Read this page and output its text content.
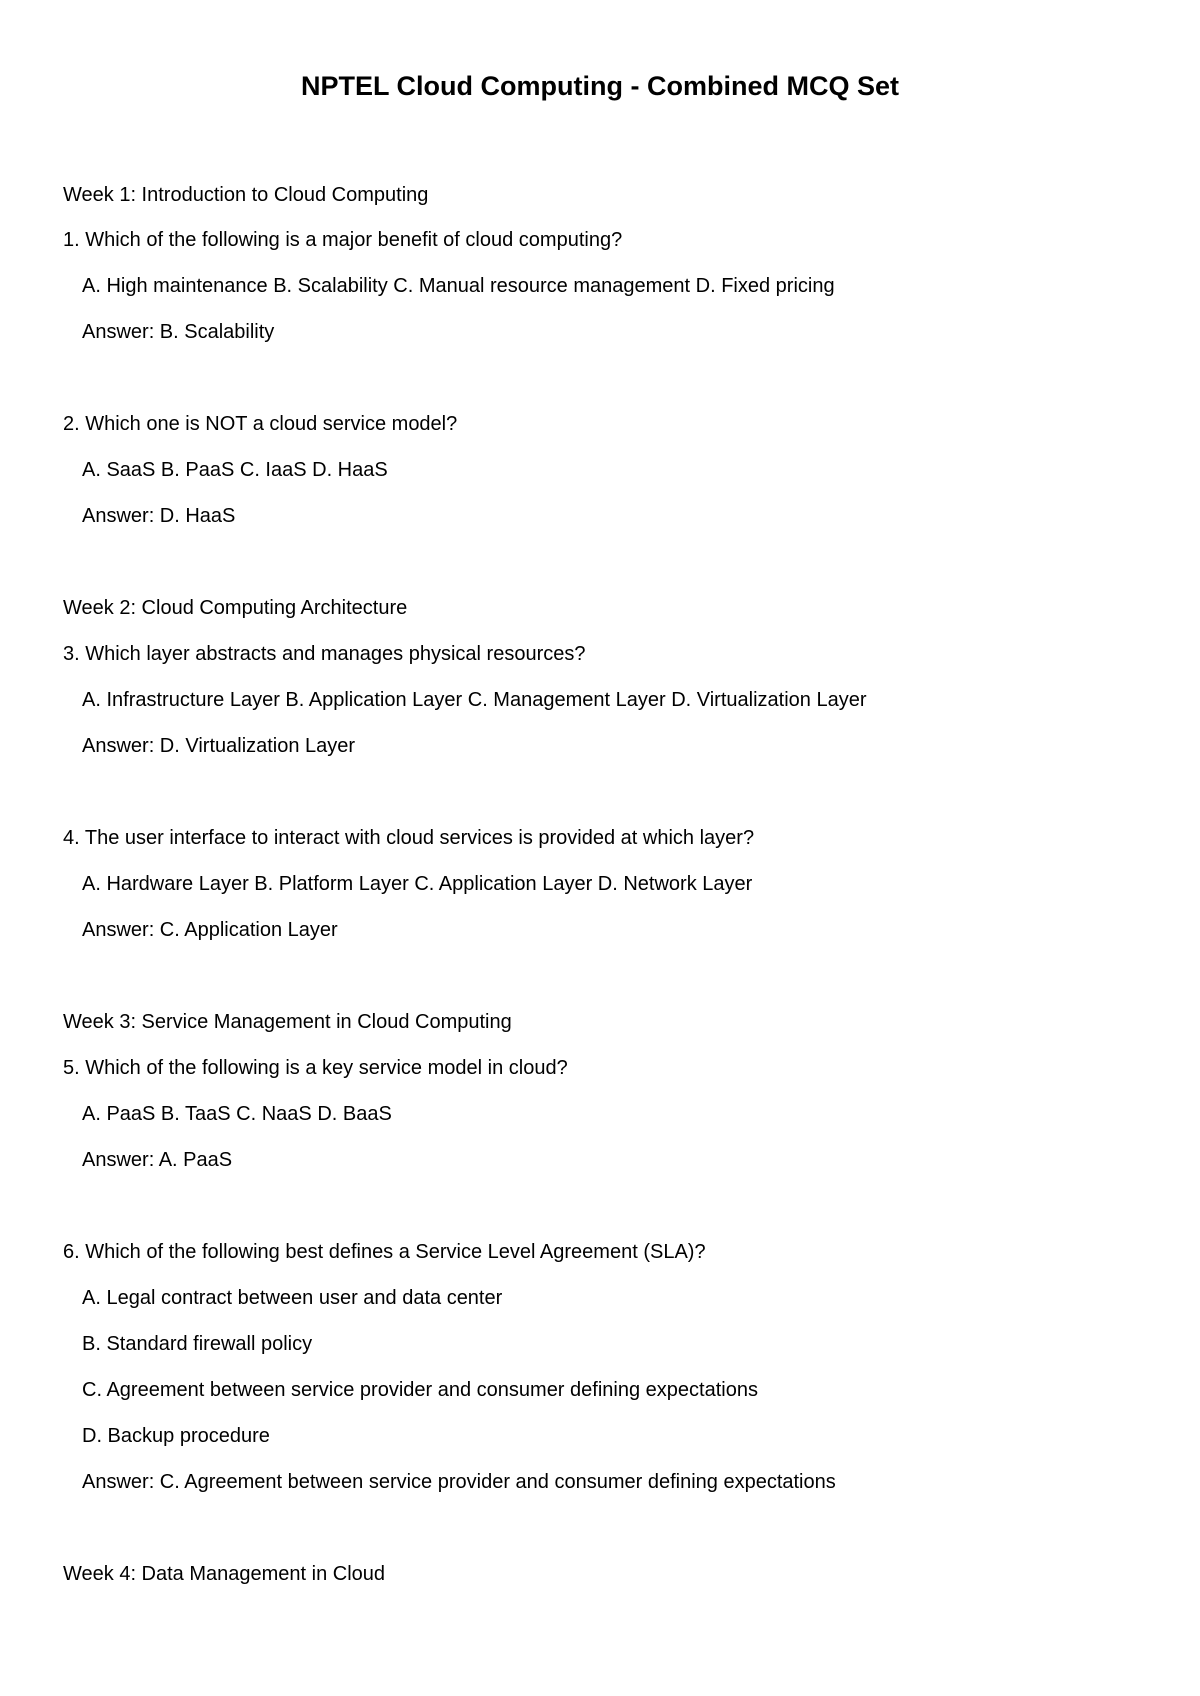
NPTEL Cloud Computing - Combined MCQ Set
Week 1: Introduction to Cloud Computing
1. Which of the following is a major benefit of cloud computing?
A. High maintenance B. Scalability C. Manual resource management D. Fixed pricing
Answer: B. Scalability
2. Which one is NOT a cloud service model?
A. SaaS B. PaaS C. IaaS D. HaaS
Answer: D. HaaS
Week 2: Cloud Computing Architecture
3. Which layer abstracts and manages physical resources?
A. Infrastructure Layer B. Application Layer C. Management Layer D. Virtualization Layer
Answer: D. Virtualization Layer
4. The user interface to interact with cloud services is provided at which layer?
A. Hardware Layer B. Platform Layer C. Application Layer D. Network Layer
Answer: C. Application Layer
Week 3: Service Management in Cloud Computing
5. Which of the following is a key service model in cloud?
A. PaaS B. TaaS C. NaaS D. BaaS
Answer: A. PaaS
6. Which of the following best defines a Service Level Agreement (SLA)?
A. Legal contract between user and data center
B. Standard firewall policy
C. Agreement between service provider and consumer defining expectations
D. Backup procedure
Answer: C. Agreement between service provider and consumer defining expectations
Week 4: Data Management in Cloud
